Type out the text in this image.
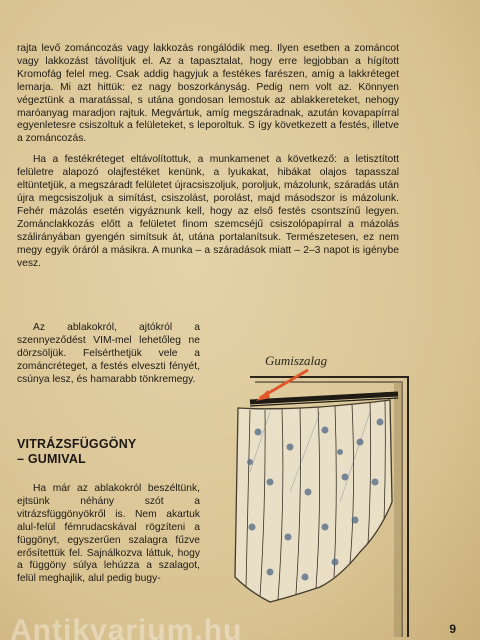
rajta levő zománcozás vagy lakkozás rongálódik meg. Ilyen esetben a zománcot vagy lakkozást távolítjuk el. Az a tapasztalat, hogy erre legjobban a hígított Kromofág felel meg. Csak addig hagyjuk a festékes farészen, amíg a lakkréteget lemarja. Mi azt hittük: ez nagy boszorkányság. Pedig nem volt az. Könnyen végeztünk a maratással, s utána gondosan lemostuk az ablakkereteket, nehogy maróanyag maradjon rajtuk. Megvártuk, amíg megszáradnak, azután kovapapírral egyenletesre csiszoltuk a felületeket, s leporoltuk. S így következett a festés, illetve a zománcozás.

Ha a festékréteget eltávolítottuk, a munkamenet a következő: a letisztított felületre alapozó olajfestéket kenünk, a lyukakat, hibákat olajos tapasszal eltüntetjük, a megszáradt felületet újracsiszoljuk, poroljuk, mázolunk, száradás után újra megcsiszoljuk a simítást, csiszolást, porolást, majd másodszor is mázolunk. Fehér mázolás esetén vigyáznunk kell, hogy az első festés csontszínű legyen. Zománclakkozás előtt a felületet finom szemcséjű csiszolópapírral a mázolás szálirányában gyengén simítsuk át, utána portalanítsuk. Természetesen, ez nem megy egyik óráról a másikra. A munka – a száradások miatt – 2–3 napot is igénybe vesz.

Az ablakokról, ajtókról a szennyeződést VIM-mel lehetőleg ne dörzsöljük. Felsérthetjük vele a zománcréteget, a festés elveszti fényét, csúnya lesz, és hamarabb tönkremegy.

VITRÁZSFÜGGÖNY
– GUMIVAL

Ha már az ablakokról beszéltünk, ejtsünk néhány szót a vitrázsfüggönyökről is. Nem akartuk alul-felül fémrudacskával rögzíteni a függönyt, egyszerűen szalagra fűzve erősítettük fel. Sajnálkozva láttuk, hogy a függöny súlya lehúzza a szalagot, felül meghajlik, alul pedig bugy-

Gumiszalag
9
Antikvarium.hu
